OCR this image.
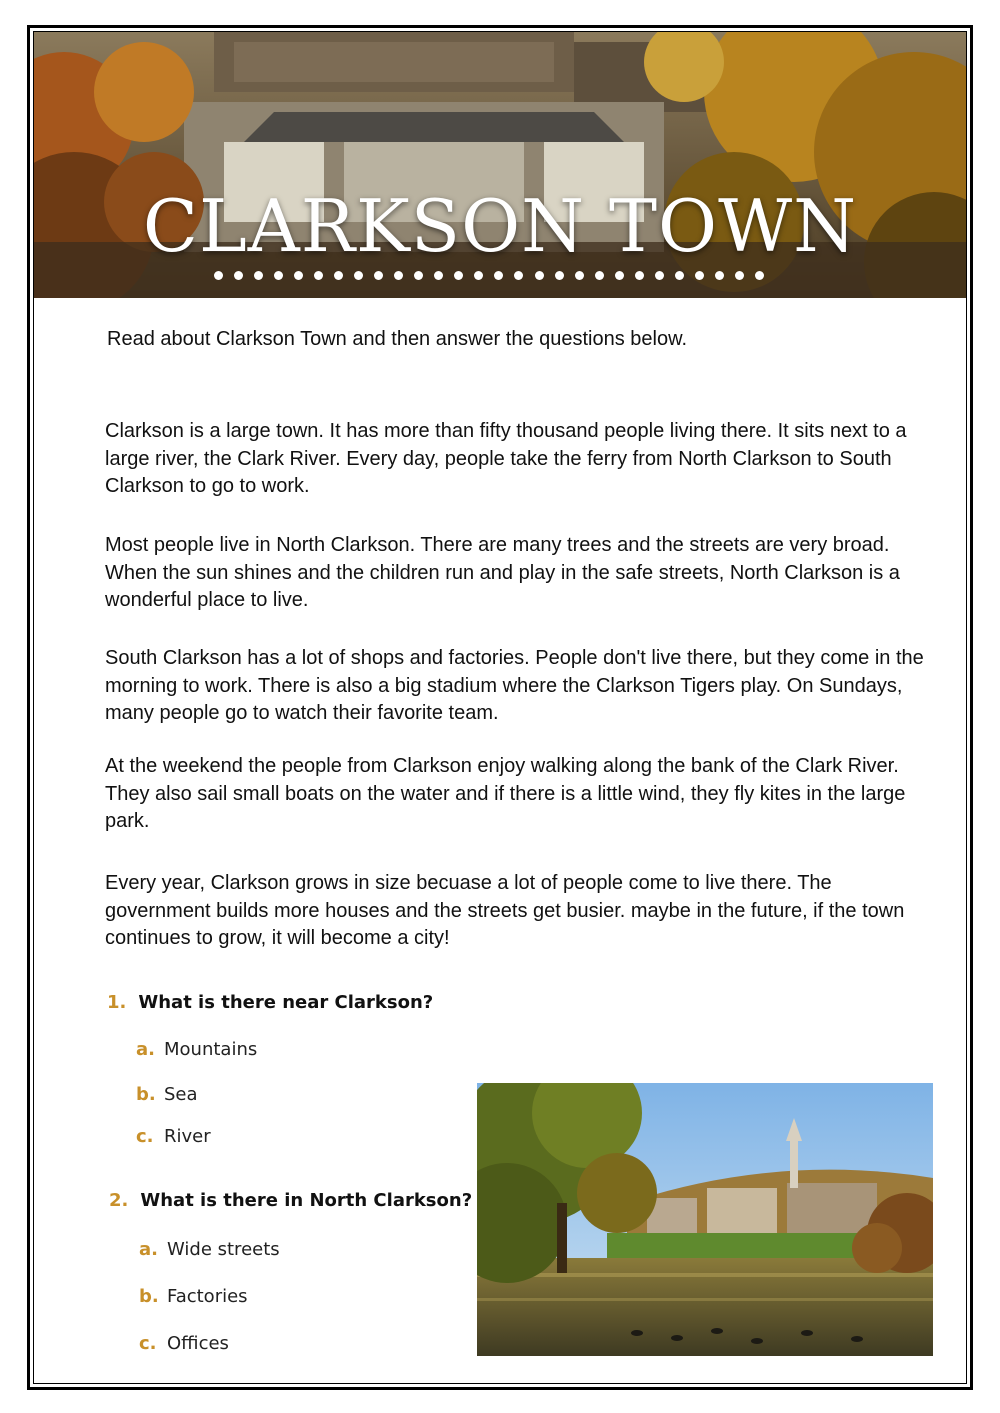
CLARKSON TOWN

Read about Clarkson Town and then answer the questions below.

Clarkson is a large town. It has more than fifty thousand people living there. It sits next to a large river, the Clark River. Every day, people take the ferry from North Clarkson to South Clarkson to go to work.

Most people live in North Clarkson. There are many trees and the streets are very broad. When the sun shines and the children run and play in the safe streets, North Clarkson is a wonderful place to live.

South Clarkson has a lot of shops and factories. People don't live there, but they come in the morning to work. There is also a big stadium where the Clarkson Tigers play. On Sundays, many people go to watch their favorite team.

At the weekend the people from Clarkson enjoy walking along the bank of the Clark River. They also sail small boats on the water and if there is a little wind, they fly kites in the large park.

Every year, Clarkson grows in size becuase a lot of people come to live there. The government builds more houses and the streets get busier. maybe in the future, if the town continues to grow, it will become a city!

1. What is there near Clarkson?

a. Mountains

b. Sea

c. River

2. What is there in North Clarkson?

a. Wide streets

b. Factories

c. Offices
